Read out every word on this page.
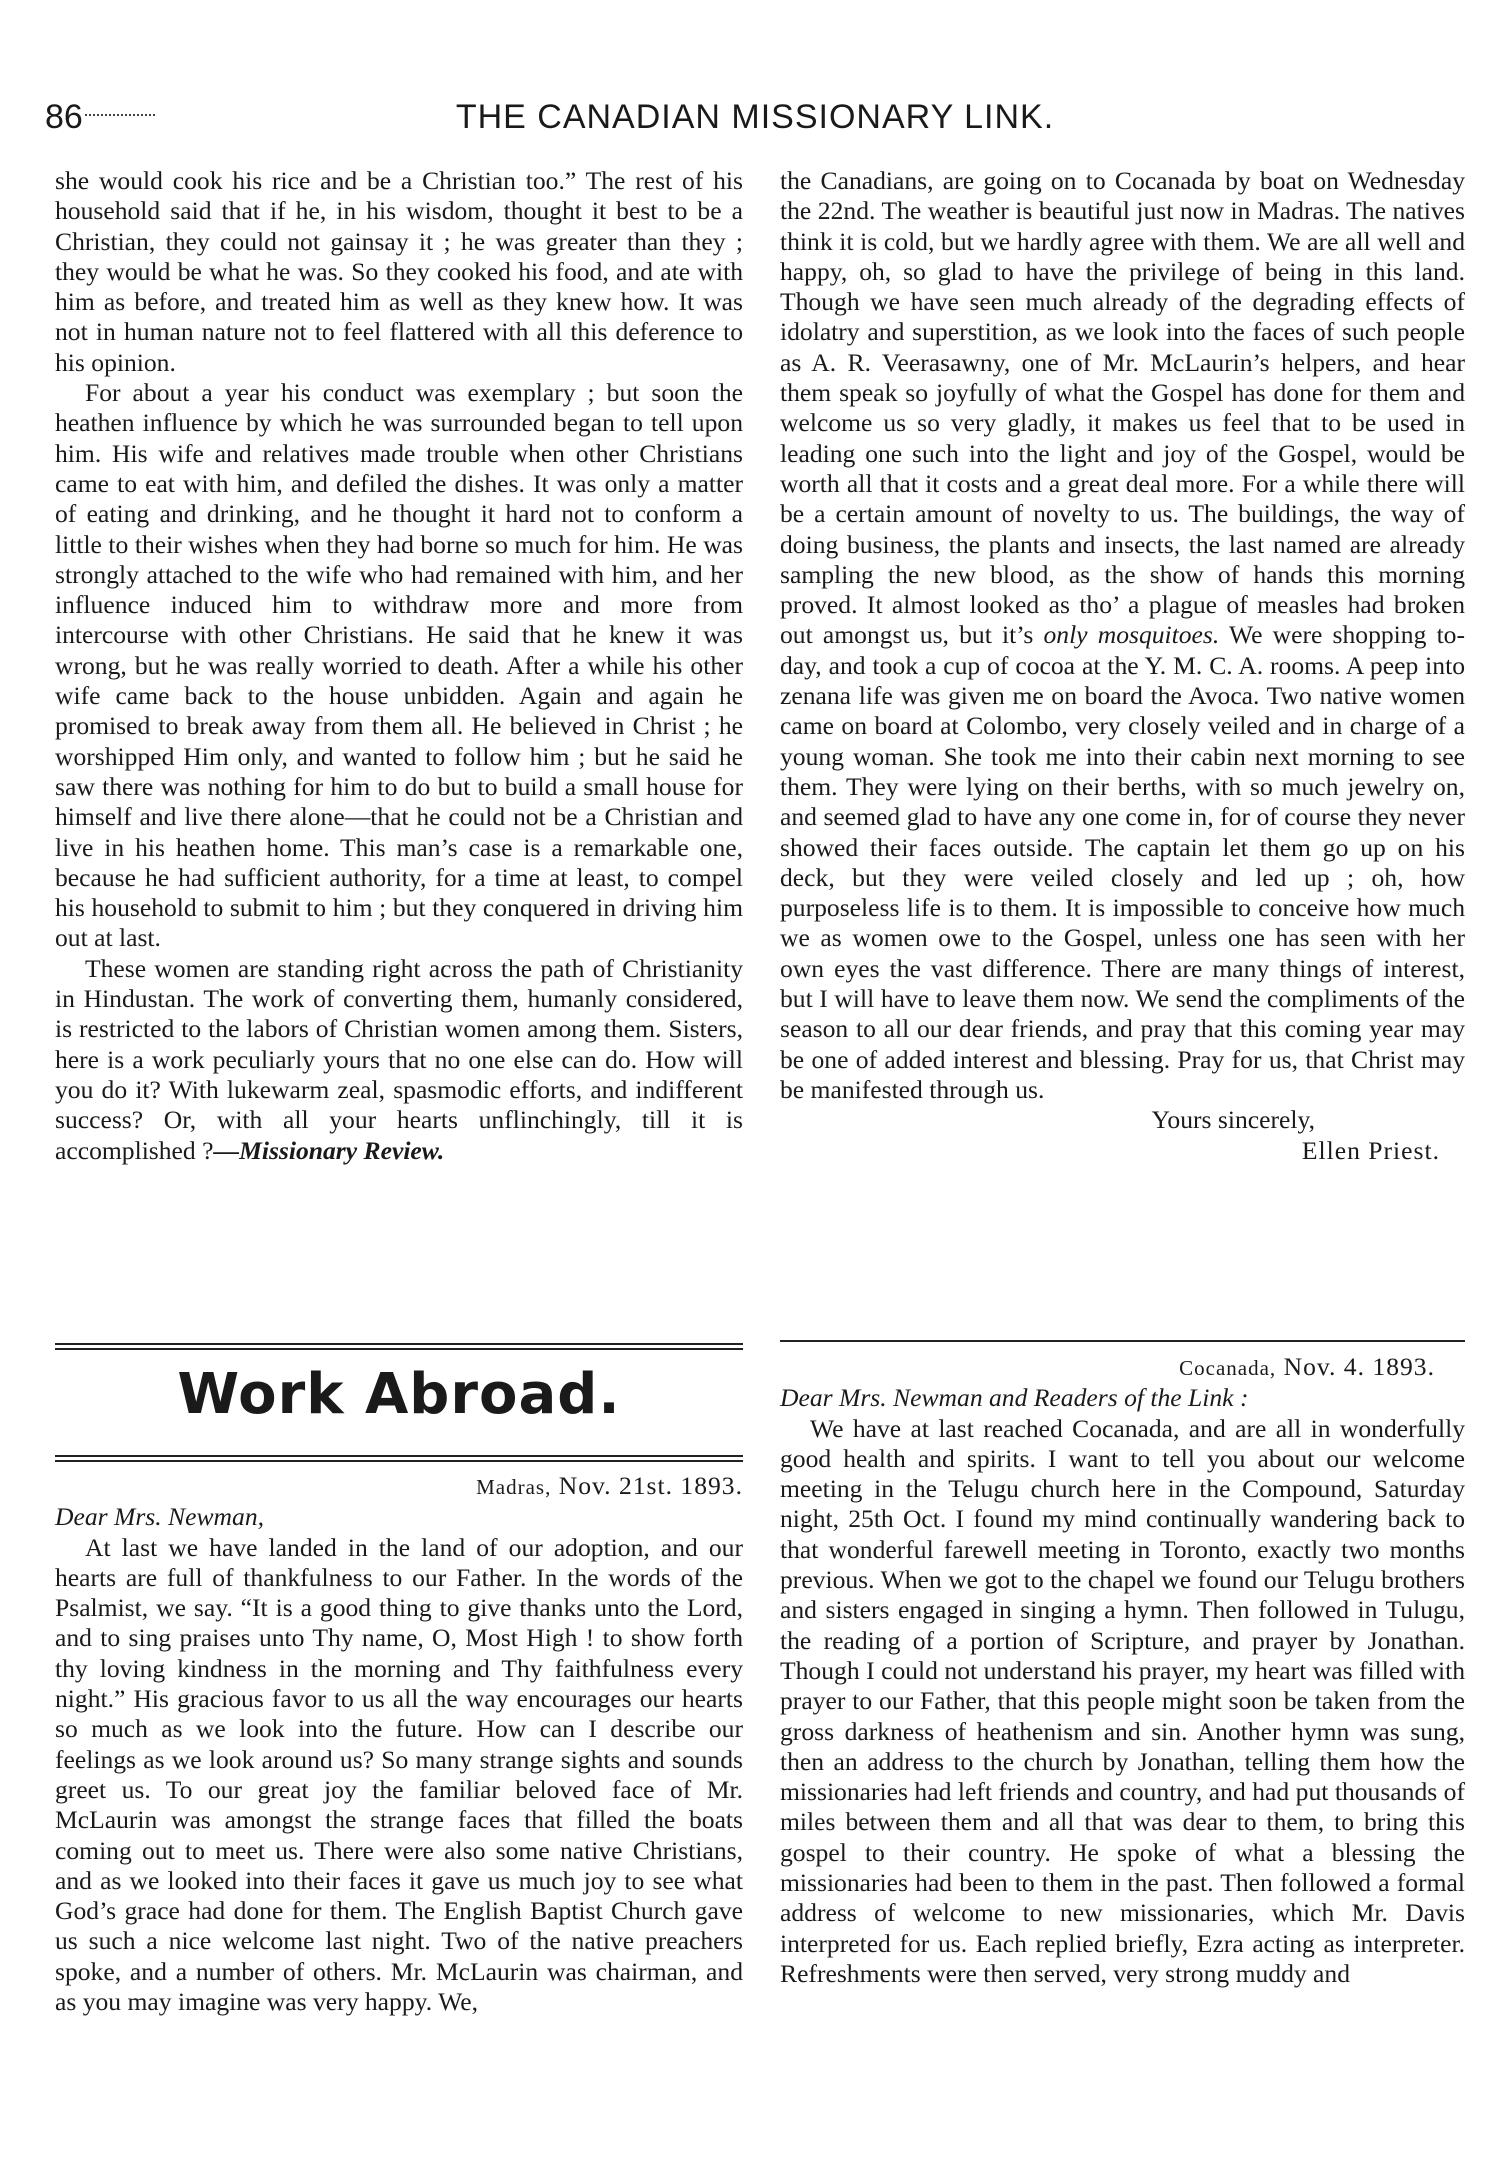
86	THE CANADIAN MISSIONARY LINK.

she would cook his rice and be a Christian too.” The rest of his household said that if he, in his wisdom, thought it best to be a Christian, they could not gainsay it ; he was greater than they ; they would be what he was. So they cooked his food, and ate with him as before, and treated him as well as they knew how. It was not in human nature not to feel flattered with all this deference to his opinion.

For about a year his conduct was exemplary ; but soon the heathen influence by which he was surrounded began to tell upon him. His wife and relatives made trouble when other Christians came to eat with him, and defiled the dishes. It was only a matter of eating and drinking, and he thought it hard not to conform a little to their wishes when they had borne so much for him. He was strongly attached to the wife who had remained with him, and her influence induced him to withdraw more and more from intercourse with other Christians. He said that he knew it was wrong, but he was really worried to death. After a while his other wife came back to the house unbidden. Again and again he promised to break away from them all. He believed in Christ ; he worshipped Him only, and wanted to follow him ; but he said he saw there was nothing for him to do but to build a small house for himself and live there alone—that he could not be a Christian and live in his heathen home. This man’s case is a remarkable one, because he had sufficient authority, for a time at least, to compel his household to submit to him ; but they conquered in driving him out at last.

These women are standing right across the path of Christianity in Hindustan. The work of converting them, humanly considered, is restricted to the labors of Christian women among them. Sisters, here is a work peculiarly yours that no one else can do. How will you do it? With lukewarm zeal, spasmodic efforts, and indifferent success? Or, with all your hearts unflinchingly, till it is accomplished ?—Missionary Review.

Work Abroad.

Madras, Nov. 21st. 1893.

Dear Mrs. Newman,

At last we have landed in the land of our adoption, and our hearts are full of thankfulness to our Father. In the words of the Psalmist, we say. “It is a good thing to give thanks unto the Lord, and to sing praises unto Thy name, O, Most High ! to show forth thy loving kindness in the morning and Thy faithfulness every night.” His gracious favor to us all the way encourages our hearts so much as we look into the future. How can I describe our feelings as we look around us? So many strange sights and sounds greet us. To our great joy the familiar beloved face of Mr. McLaurin was amongst the strange faces that filled the boats coming out to meet us. There were also some native Christians, and as we looked into their faces it gave us much joy to see what God’s grace had done for them. The English Baptist Church gave us such a nice welcome last night. Two of the native preachers spoke, and a number of others. Mr. McLaurin was chairman, and as you may imagine was very happy. We,

the Canadians, are going on to Cocanada by boat on Wednesday the 22nd. The weather is beautiful just now in Madras. The natives think it is cold, but we hardly agree with them. We are all well and happy, oh, so glad to have the privilege of being in this land. Though we have seen much already of the degrading effects of idolatry and superstition, as we look into the faces of such people as A. R. Veerasawny, one of Mr. McLaurin’s helpers, and hear them speak so joyfully of what the Gospel has done for them and welcome us so very gladly, it makes us feel that to be used in leading one such into the light and joy of the Gospel, would be worth all that it costs and a great deal more. For a while there will be a certain amount of novelty to us. The buildings, the way of doing business, the plants and insects, the last named are already sampling the new blood, as the show of hands this morning proved. It almost looked as tho’ a plague of measles had broken out amongst us, but it’s only mosquitoes. We were shopping to-day, and took a cup of cocoa at the Y. M. C. A. rooms. A peep into zenana life was given me on board the Avoca. Two native women came on board at Colombo, very closely veiled and in charge of a young woman. She took me into their cabin next morning to see them. They were lying on their berths, with so much jewelry on, and seemed glad to have any one come in, for of course they never showed their faces outside. The captain let them go up on his deck, but they were veiled closely and led up ; oh, how purposeless life is to them. It is impossible to conceive how much we as women owe to the Gospel, unless one has seen with her own eyes the vast difference. There are many things of interest, but I will have to leave them now. We send the compliments of the season to all our dear friends, and pray that this coming year may be one of added interest and blessing. Pray for us, that Christ may be manifested through us.

Yours sincerely,

Ellen Priest.

Cocanada, Nov. 4. 1893.

Dear Mrs. Newman and Readers of the Link :

We have at last reached Cocanada, and are all in wonderfully good health and spirits. I want to tell you about our welcome meeting in the Telugu church here in the Compound, Saturday night, 25th Oct. I found my mind continually wandering back to that wonderful farewell meeting in Toronto, exactly two months previous. When we got to the chapel we found our Telugu brothers and sisters engaged in singing a hymn. Then followed in Tulugu, the reading of a portion of Scripture, and prayer by Jonathan. Though I could not understand his prayer, my heart was filled with prayer to our Father, that this people might soon be taken from the gross darkness of heathenism and sin. Another hymn was sung, then an address to the church by Jonathan, telling them how the missionaries had left friends and country, and had put thousands of miles between them and all that was dear to them, to bring this gospel to their country. He spoke of what a blessing the missionaries had been to them in the past. Then followed a formal address of welcome to new missionaries, which Mr. Davis interpreted for us. Each replied briefly, Ezra acting as interpreter. Refreshments were then served, very strong muddy and
